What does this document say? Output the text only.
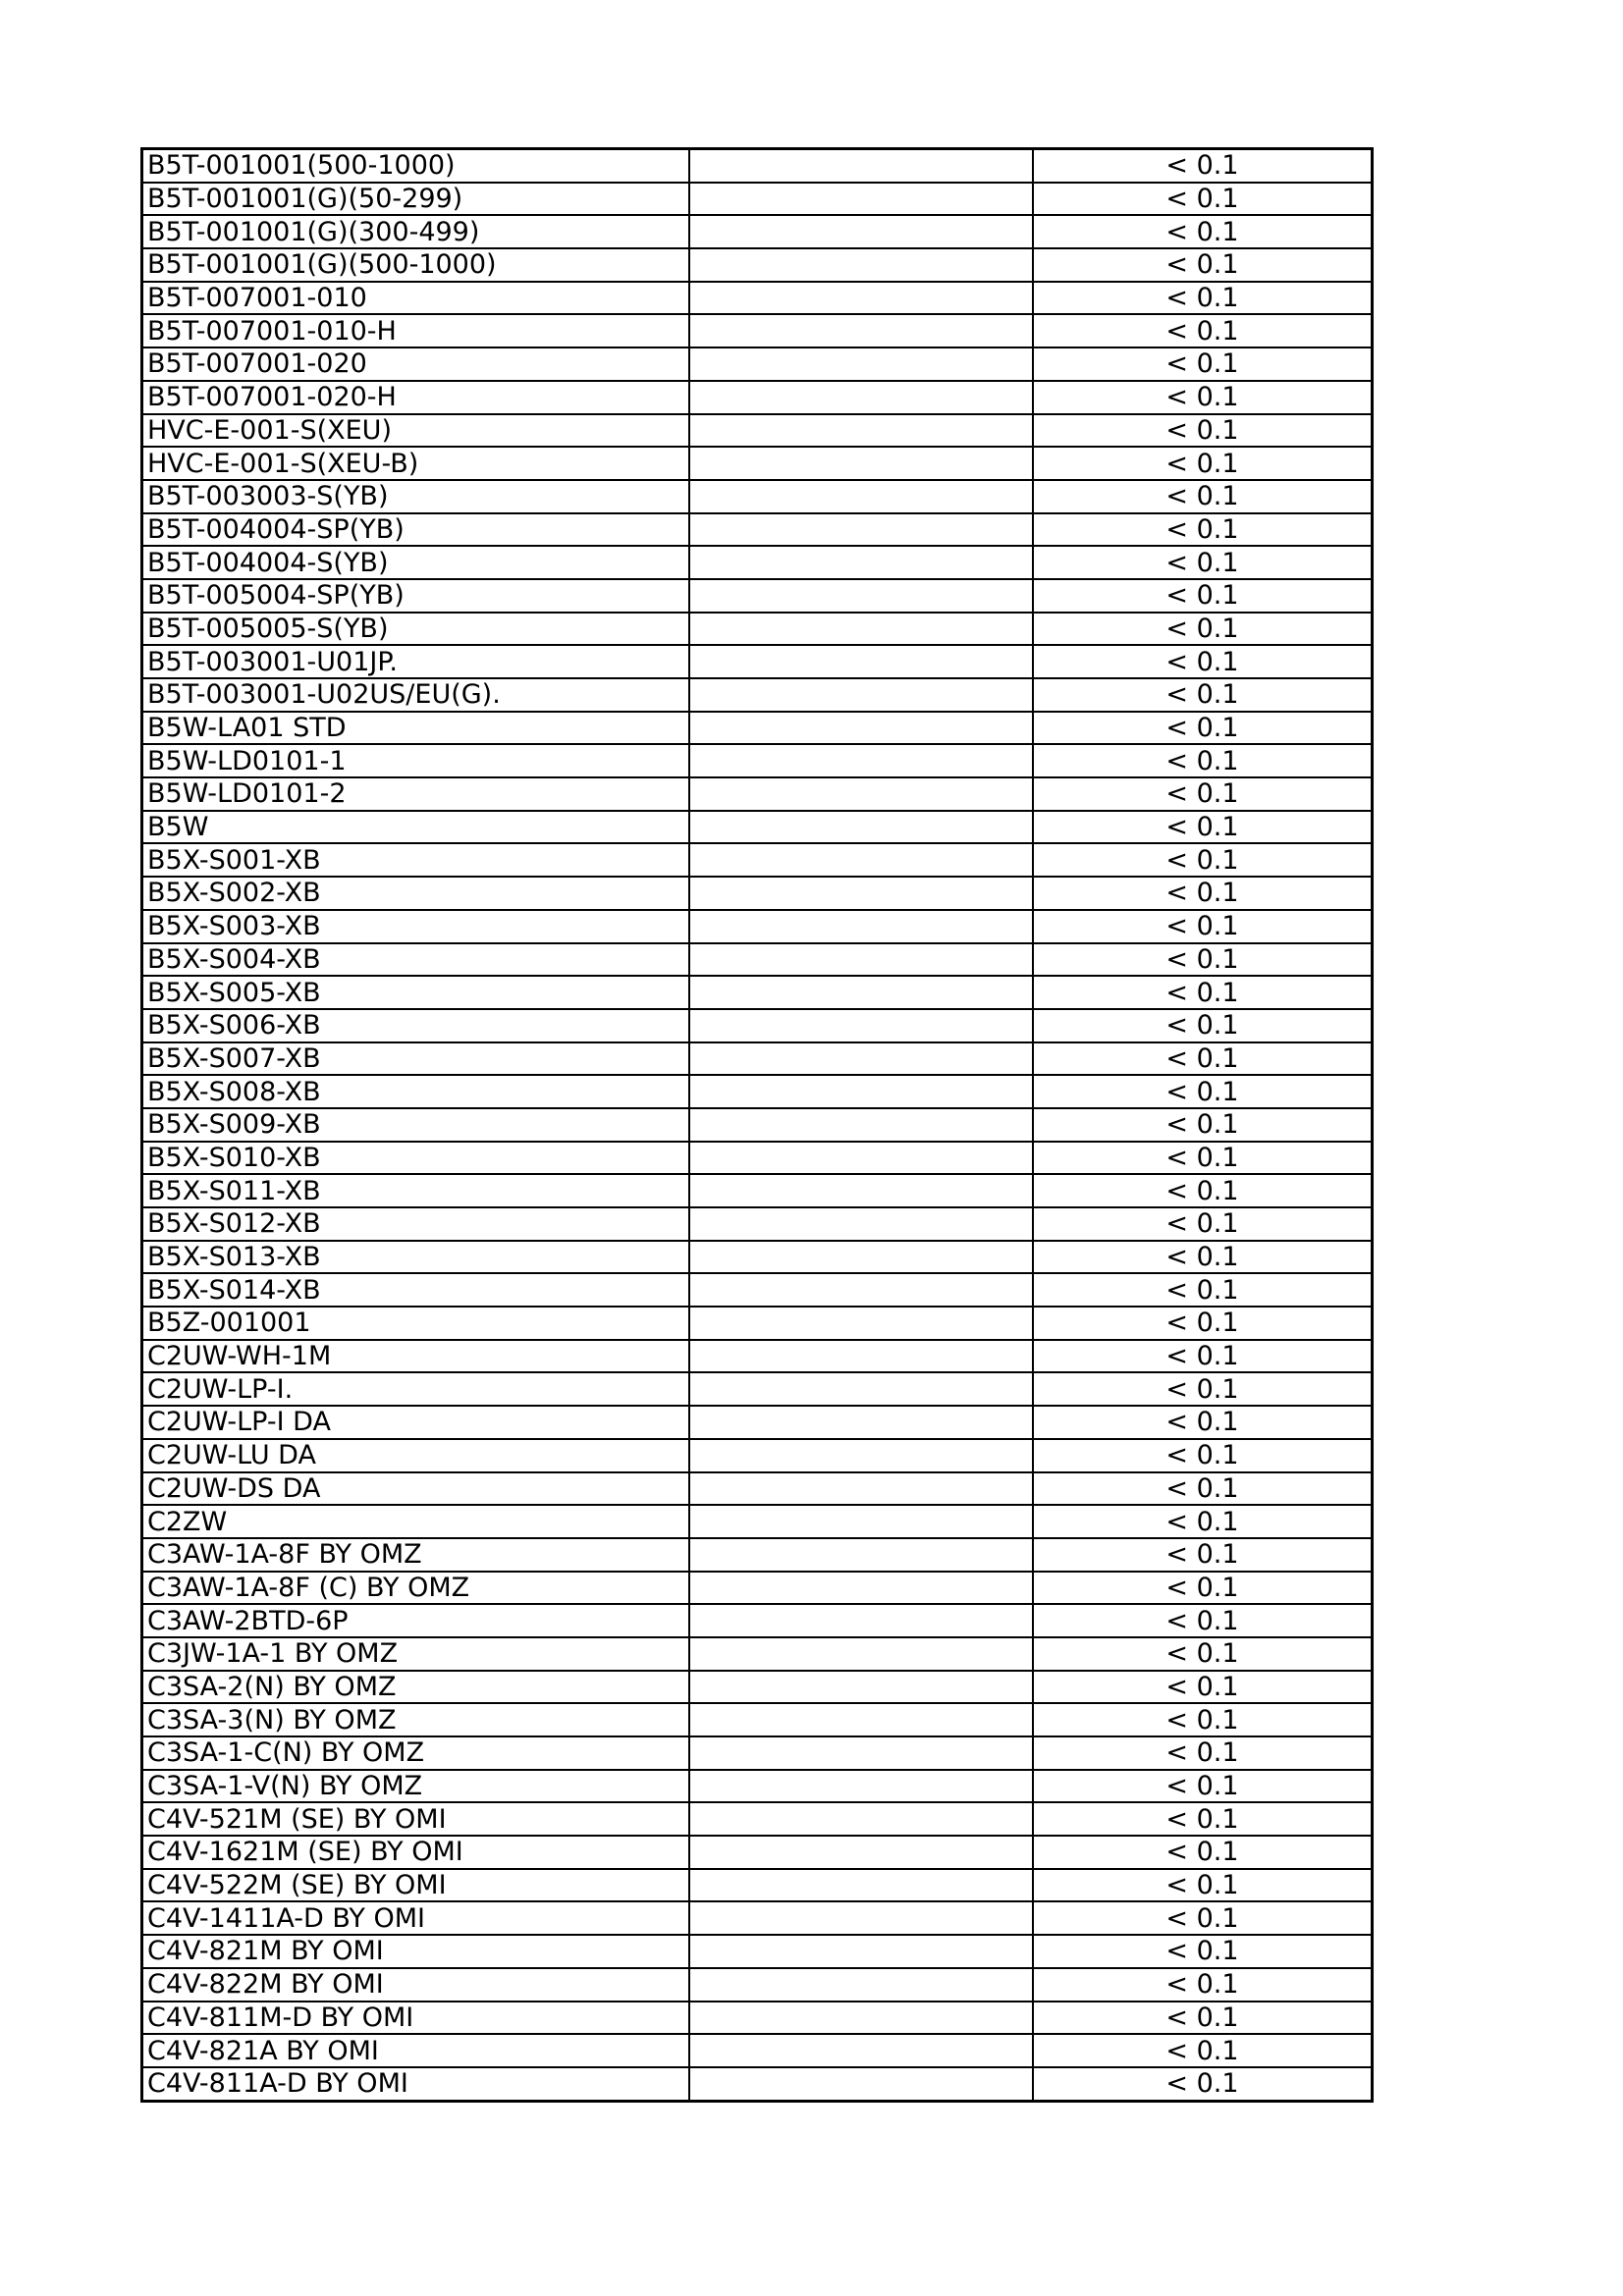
B5T-001001(500-1000)		< 0.1
B5T-001001(G)(50-299)		< 0.1
B5T-001001(G)(300-499)		< 0.1
B5T-001001(G)(500-1000)		< 0.1
B5T-007001-010		< 0.1
B5T-007001-010-H		< 0.1
B5T-007001-020		< 0.1
B5T-007001-020-H		< 0.1
HVC-E-001-S(XEU)		< 0.1
HVC-E-001-S(XEU-B)		< 0.1
B5T-003003-S(YB)		< 0.1
B5T-004004-SP(YB)		< 0.1
B5T-004004-S(YB)		< 0.1
B5T-005004-SP(YB)		< 0.1
B5T-005005-S(YB)		< 0.1
B5T-003001-U01JP.		< 0.1
B5T-003001-U02US/EU(G).		< 0.1
B5W-LA01 STD		< 0.1
B5W-LD0101-1		< 0.1
B5W-LD0101-2		< 0.1
B5W		< 0.1
B5X-S001-XB		< 0.1
B5X-S002-XB		< 0.1
B5X-S003-XB		< 0.1
B5X-S004-XB		< 0.1
B5X-S005-XB		< 0.1
B5X-S006-XB		< 0.1
B5X-S007-XB		< 0.1
B5X-S008-XB		< 0.1
B5X-S009-XB		< 0.1
B5X-S010-XB		< 0.1
B5X-S011-XB		< 0.1
B5X-S012-XB		< 0.1
B5X-S013-XB		< 0.1
B5X-S014-XB		< 0.1
B5Z-001001		< 0.1
C2UW-WH-1M		< 0.1
C2UW-LP-I.		< 0.1
C2UW-LP-I DA		< 0.1
C2UW-LU DA		< 0.1
C2UW-DS DA		< 0.1
C2ZW		< 0.1
C3AW-1A-8F BY OMZ		< 0.1
C3AW-1A-8F (C) BY OMZ		< 0.1
C3AW-2BTD-6P		< 0.1
C3JW-1A-1 BY OMZ		< 0.1
C3SA-2(N) BY OMZ		< 0.1
C3SA-3(N) BY OMZ		< 0.1
C3SA-1-C(N) BY OMZ		< 0.1
C3SA-1-V(N) BY OMZ		< 0.1
C4V-521M (SE) BY OMI		< 0.1
C4V-1621M (SE) BY OMI		< 0.1
C4V-522M (SE) BY OMI		< 0.1
C4V-1411A-D BY OMI		< 0.1
C4V-821M BY OMI		< 0.1
C4V-822M BY OMI		< 0.1
C4V-811M-D BY OMI		< 0.1
C4V-821A BY OMI		< 0.1
C4V-811A-D BY OMI		< 0.1
